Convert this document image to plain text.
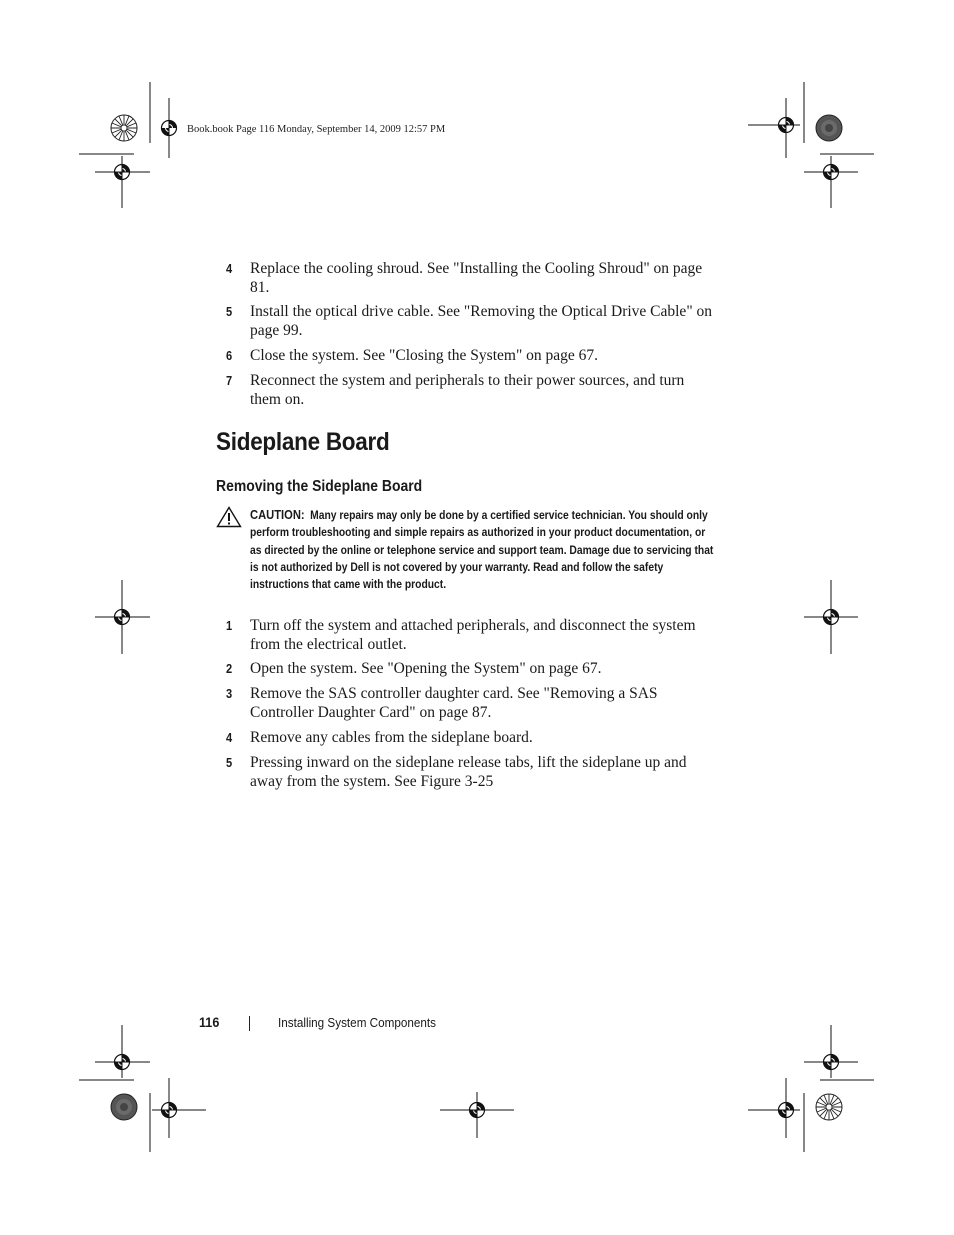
Book.book Page 116 Monday, September 14, 2009 12:57 PM
4 Replace the cooling shroud. See "Installing the Cooling Shroud" on page 81.
5 Install the optical drive cable. See "Removing the Optical Drive Cable" on page 99.
6 Close the system. See "Closing the System" on page 67.
7 Reconnect the system and peripherals to their power sources, and turn them on.
Sideplane Board
Removing the Sideplane Board
CAUTION: Many repairs may only be done by a certified service technician. You should only perform troubleshooting and simple repairs as authorized in your product documentation, or as directed by the online or telephone service and support team. Damage due to servicing that is not authorized by Dell is not covered by your warranty. Read and follow the safety instructions that came with the product.
1 Turn off the system and attached peripherals, and disconnect the system from the electrical outlet.
2 Open the system. See "Opening the System" on page 67.
3 Remove the SAS controller daughter card. See "Removing a SAS Controller Daughter Card" on page 87.
4 Remove any cables from the sideplane board.
5 Pressing inward on the sideplane release tabs, lift the sideplane up and away from the system. See Figure 3-25
116	Installing System Components
